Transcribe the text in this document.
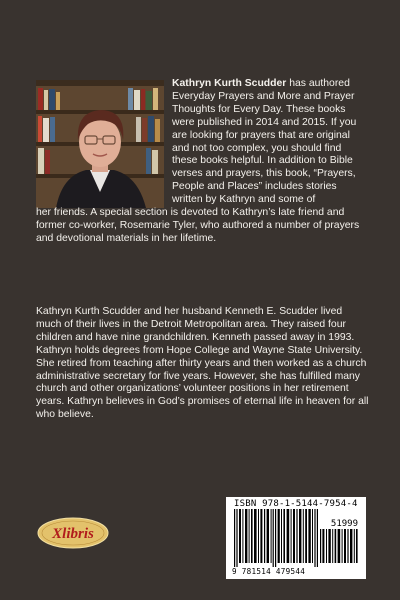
Kathryn Kurth Scudder has authored Everyday Prayers and More and Prayer Thoughts for Every Day. These books were published in 2014 and 2015. If you are looking for prayers that are original and not too complex, you should find these books helpful. In addition to Bible verses and prayers, this book, “Prayers, People and Places” includes stories written by Kathryn and some of
her friends. A special section is devoted to Kathryn’s late friend and former co-worker, Rosemarie Tyler, who authored a number of prayers and devotional materials in her lifetime.
Kathryn Kurth Scudder and her husband Kenneth E. Scudder lived much of their lives in the Detroit Metropolitan area. They raised four children and have nine grandchildren. Kenneth passed away in 1993. Kathryn holds degrees from Hope College and Wayne State University. She retired from teaching after thirty years and then worked as a church administrative secretary for five years. However, she has fulfilled many church and other organizations’ volunteer positions in her retirement years. Kathryn believes in God’s promises of eternal life in heaven for all who believe.
Xlibris
ISBN 978-1-5144-7954-4
51999
9 781514 479544
